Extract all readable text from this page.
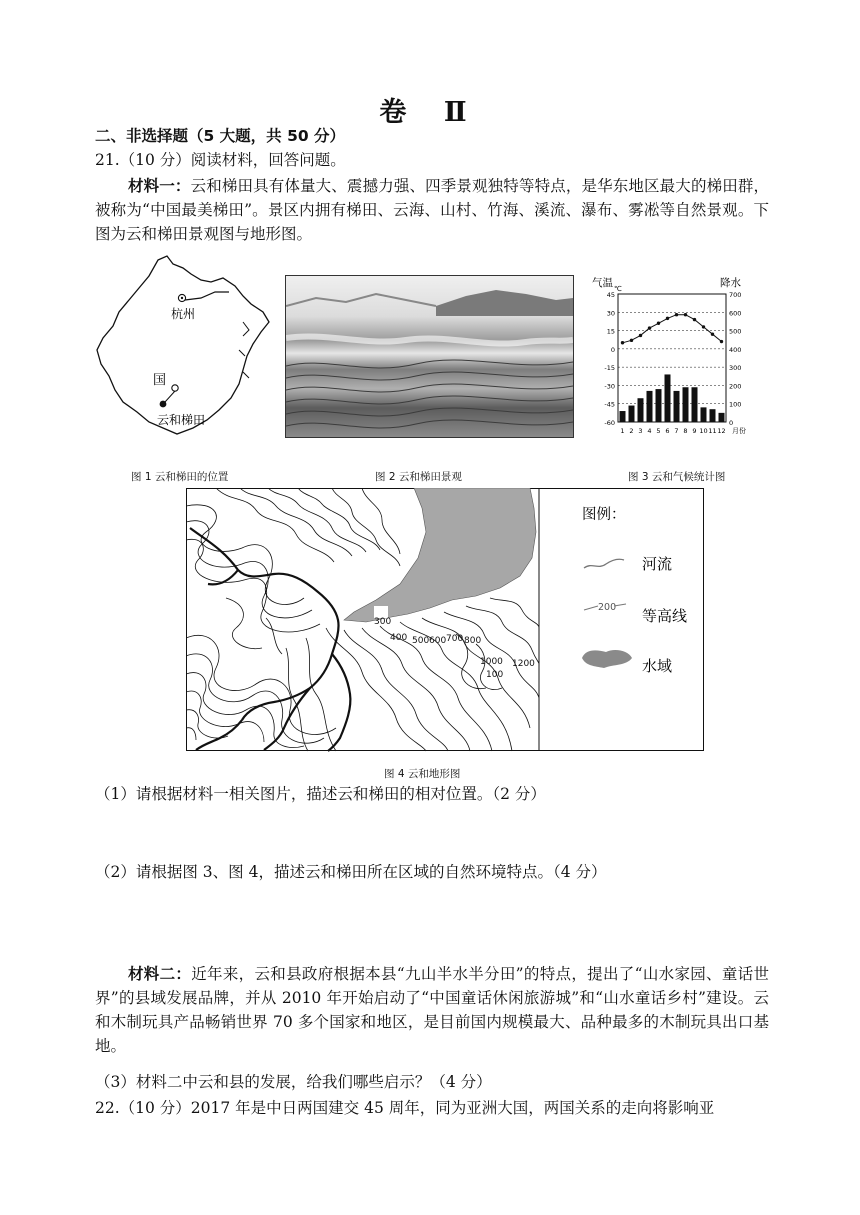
卷 Ⅱ
二、非选择题（5 大题，共 50 分）
21.（10 分）阅读材料，回答问题。
材料一：云和梯田具有体量大、震撼力强、四季景观独特等特点，是华东地区最大的梯田群，被称为“中国最美梯田”。景区内拥有梯田、云海、山村、竹海、溪流、瀑布、雾凇等自然景观。下图为云和梯田景观图与地形图。
杭州
国
云和梯田
气温 ℃	降水
45
30
15
0
-15
-30
-45
-60
700
600
500
400
300
200
100
0
1 2 3 4 5 6 7 8 9 10 11 12 月份
图 1 云和梯田的位置	图 2 云和梯田景观	图 3 云和气候统计图
300
400 500 600 700 800
1000 1200
100
图例：
河流
200 等高线
水域
图 4 云和地形图
（1）请根据材料一相关图片，描述云和梯田的相对位置。（2 分）
（2）请根据图 3、图 4，描述云和梯田所在区域的自然环境特点。（4 分）
材料二：近年来，云和县政府根据本县“九山半水半分田”的特点，提出了“山水家园、童话世界”的县域发展品牌，并从 2010 年开始启动了“中国童话休闲旅游城”和“山水童话乡村”建设。云和木制玩具产品畅销世界 70 多个国家和地区，是目前国内规模最大、品种最多的木制玩具出口基地。
（3）材料二中云和县的发展，给我们哪些启示？（4 分）
22.（10 分）2017 年是中日两国建交 45 周年，同为亚洲大国，两国关系的走向将影响亚
